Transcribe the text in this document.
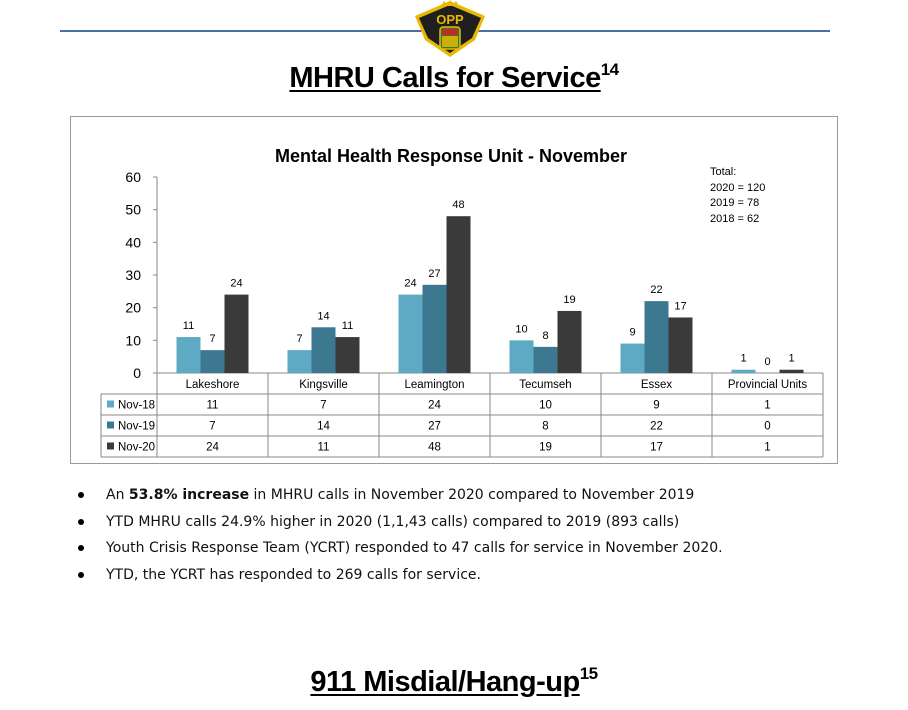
OPP
MHRU Calls for Service$^{14}$
Mental Health Response Unit - November
Total:
2020 = 120
2019 = 78
2018 = 62
0
10
20
30
40
50
60
11
7
24
10	9
1
7
14
27
8
22
0
24
11
48
19
17
1
Lakeshore	Kingsville	Leamington	Tecumseh	Essex	Provincial Units
Nov-18	11	7	24	10	9	1
Nov-19	7	14	27	8	22	0
Nov-20	24	11	48	19	17	1
An 53.8% increase in MHRU calls in November 2020 compared to November 2019
YTD MHRU calls 24.9% higher in 2020 (1,1,43 calls) compared to 2019 (893 calls)
Youth Crisis Response Team (YCRT) responded to 47 calls for service in November 2020.
YTD, the YCRT has responded to 269 calls for service.
911 Misdial/$Hang-up^{15}$
